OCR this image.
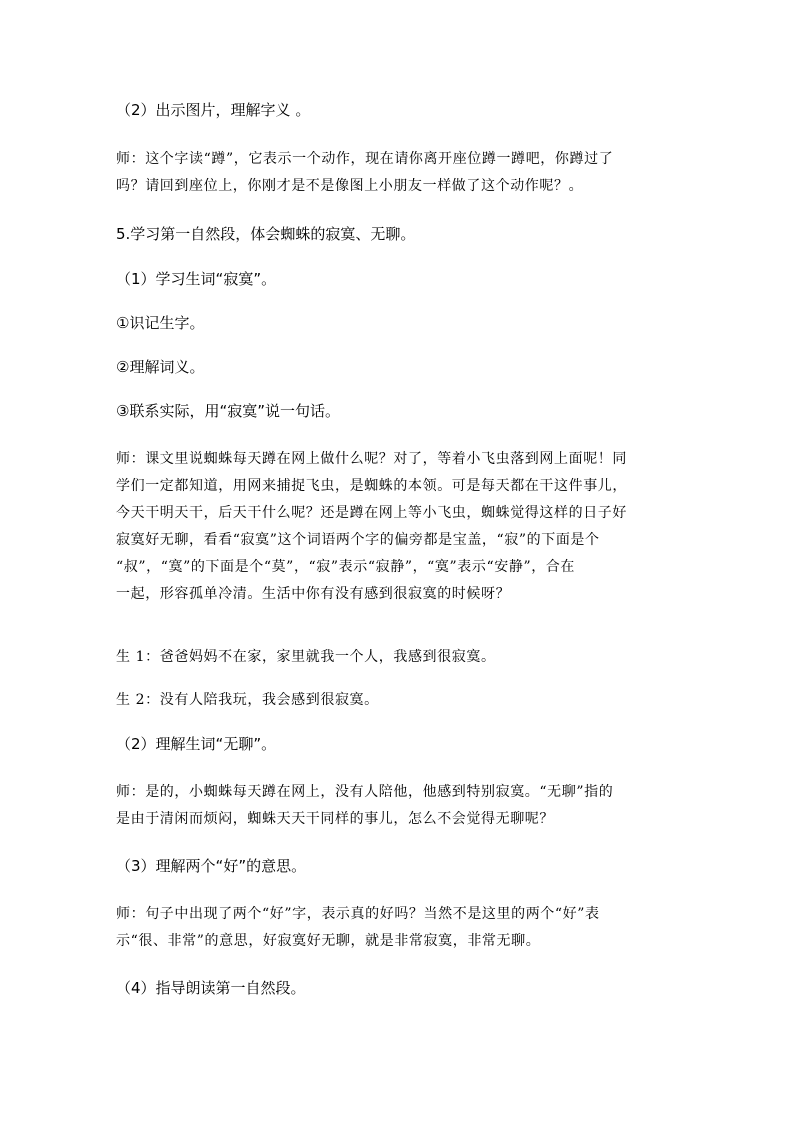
（2）出示图片，理解字义 。
师：这个字读“蹲”，它表示一个动作，现在请你离开座位蹲一蹲吧，你蹲过了
吗？请回到座位上，你刚才是不是像图上小朋友一样做了这个动作呢？。
5.学习第一自然段，体会蜘蛛的寂寞、无聊。
（1）学习生词“寂寞”。
①识记生字。
②理解词义。
③联系实际，用“寂寞”说一句话。
师：课文里说蜘蛛每天蹲在网上做什么呢？对了，等着小飞虫落到网上面呢！同
学们一定都知道，用网来捕捉飞虫，是蜘蛛的本领。可是每天都在干这件事儿，
今天干明天干，后天干什么呢？还是蹲在网上等小飞虫，蜘蛛觉得这样的日子好
寂寞好无聊，看看“寂寞”这个词语两个字的偏旁都是宝盖，“寂”的下面是个
“叔”，“寞”的下面是个“莫”，“寂”表示“寂静”，“寞”表示“安静”，合在
一起，形容孤单冷清。生活中你有没有感到很寂寞的时候呀？
生 1：爸爸妈妈不在家，家里就我一个人，我感到很寂寞。
生 2：没有人陪我玩，我会感到很寂寞。
（2）理解生词“无聊”。
师：是的，小蜘蛛每天蹲在网上，没有人陪他，他感到特别寂寞。“无聊”指的
是由于清闲而烦闷，蜘蛛天天干同样的事儿，怎么不会觉得无聊呢？
（3）理解两个“好”的意思。
师：句子中出现了两个“好”字，表示真的好吗？当然不是这里的两个“好”表
示“很、非常”的意思，好寂寞好无聊，就是非常寂寞，非常无聊。
（4）指导朗读第一自然段。
